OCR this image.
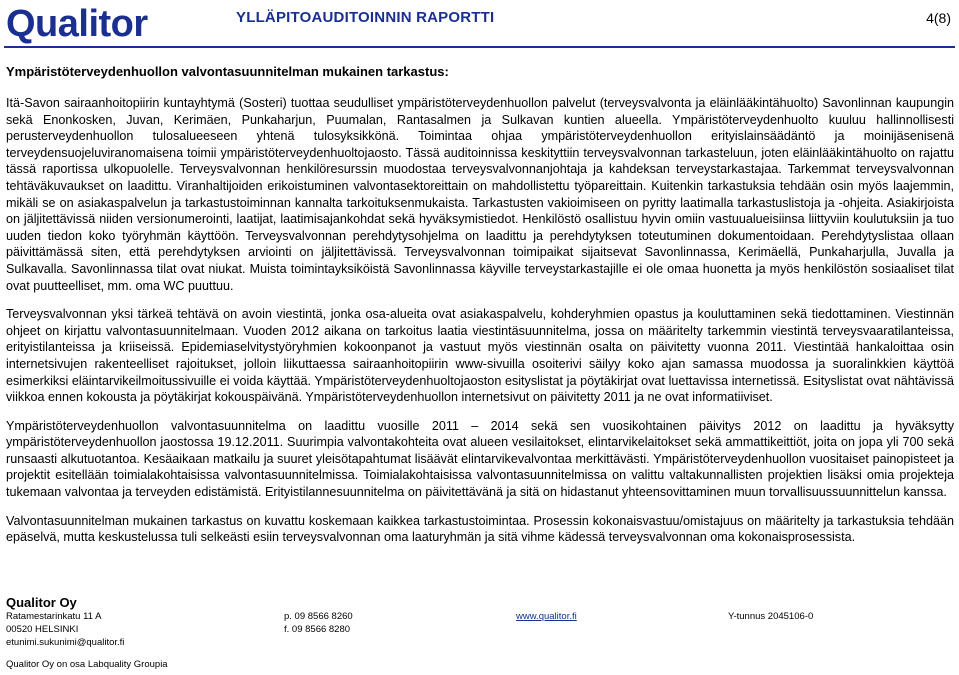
Qualitor	YLLÄPITOAUDITOINNIN RAPORTTI	4(8)
Ympäristöterveydenhuollon valvontasuunnitelman mukainen tarkastus:

Itä-Savon sairaanhoitopiirin kuntayhtymä (Sosteri) tuottaa seudulliset ympäristöterveydenhuollon palvelut (terveysvalvonta ja eläinlääkintähuolto) Savonlinnan kaupungin sekä Enonkosken, Juvan, Kerimäen, Punkaharjun, Puumalan, Rantasalmen ja Sulkavan kuntien alueella. Ympäristöterveydenhuolto kuuluu hallinnollisesti perusterveydenhuollon tulosalueeseen yhtenä tulosyksikkönä. Toimintaa ohjaa ympäristöterveydenhuollon erityislainsäädäntö ja moinijäsenisenä terveydensuojeluviranomaisena toimii ympäristöterveydenhuoltojaosto. Tässä auditoinnissa keskityttiin terveysvalvonnan tarkasteluun, joten eläinlääkintähuolto on rajattu tässä raportissa ulkopuolelle. Terveysvalvonnan henkilöresurssin muodostaa terveysvalvonnanjohtaja ja kahdeksan terveystarkastajaa. Tarkemmat terveysvalvonnan tehtäväkuvaukset on laadittu. Viranhaltijoiden erikoistuminen valvontasektoreittain on mahdollistettu työpareittain. Kuitenkin tarkastuksia tehdään osin myös laajemmin, mikäli se on asiakaspalvelun ja tarkastustoiminnan kannalta tarkoituksenmukaista. Tarkastusten vakioimiseen on pyritty laatimalla tarkastuslistoja ja -ohjeita. Asiakirjoista on jäljitettävissä niiden versionumerointi, laatijat, laatimisajankohdat sekä hyväksymistiedot. Henkilöstö osallistuu hyvin omiin vastuualueisiinsa liittyviin koulutuksiin ja tuo uuden tiedon koko työryhmän käyttöön. Terveysvalvonnan perehdytysohjelma on laadittu ja perehdytyksen toteutuminen dokumentoidaan. Perehdytyslistaa ollaan päivittämässä siten, että perehdytyksen arviointi on jäljitettävissä. Terveysvalvonnan toimipaikat sijaitsevat Savonlinnassa, Kerimäellä, Punkaharjulla, Juvalla ja Sulkavalla. Savonlinnassa tilat ovat niukat. Muista toimintayksiköistä Savonlinnassa käyville terveystarkastajille ei ole omaa huonetta ja myös henkilöstön sosiaaliset tilat ovat puutteelliset, mm. oma WC puuttuu.

Terveysvalvonnan yksi tärkeä tehtävä on avoin viestintä, jonka osa-alueita ovat asiakaspalvelu, kohderyhmien opastus ja kouluttaminen sekä tiedottaminen. Viestinnän ohjeet on kirjattu valvontasuunnitelmaan. Vuoden 2012 aikana on tarkoitus laatia viestintäsuunnitelma, jossa on määritelty tarkemmin viestintä terveysvaaratilanteissa, erityistilanteissa ja kriiseissä. Epidemiaselvitystyöryhmien kokoonpanot ja vastuut myös viestinnän osalta on päivitetty vuonna 2011. Viestintää hankaloittaa osin internetsivujen rakenteelliset rajoitukset, jolloin liikuttaessa sairaanhoitopiirin www-sivuilla osoiterivi säilyy koko ajan samassa muodossa ja suoralinkkien käyttöä esimerkiksi eläintarvikeilmoitussivuille ei voida käyttää. Ympäristöterveydenhuoltojaoston esityslistat ja pöytäkirjat ovat luettavissa internetissä. Esityslistat ovat nähtävissä viikkoa ennen kokousta ja pöytäkirjat kokouspäivänä. Ympäristöterveydenhuollon internetsivut on päivitetty 2011 ja ne ovat informatiiviset.

Ympäristöterveydenhuollon valvontasuunnitelma on laadittu vuosille 2011 – 2014 sekä sen vuosikohtainen päivitys 2012 on laadittu ja hyväksytty ympäristöterveydenhuollon jaostossa 19.12.2011. Suurimpia valvontakohteita ovat alueen vesilaitokset, elintarvikelaitokset sekä ammattikeittiöt, joita on jopa yli 700 sekä runsaasti alkutuotantoa. Kesäaikaan matkailu ja suuret yleisötapahtumat lisäävät elintarvikevalvontaa merkittävästi. Ympäristöterveydenhuollon vuositaiset painopisteet ja projektit esitellään toimialakohtaisissa valvontasuunnitelmissa. Toimialakohtaisissa valvontasuunnitelmissa on valittu valtakunnallisten projektien lisäksi omia projekteja tukemaan valvontaa ja terveyden edistämistä. Erityistilannesuunnitelma on päivitettävänä ja sitä on hidastanut yhteensovittaminen muun torvallisuussuunnittelun kanssa.

Valvontasuunnitelman mukainen tarkastus on kuvattu koskemaan kaikkea tarkastustoimintaa. Prosessin kokonaisvastuu/omistajuus on määritelty ja tarkastuksia tehdään epäselvä, mutta keskustelussa tuli selkeästi esiin terveysvalvonnan oma laaturyhmän ja sitä vihme kädessä terveysvalvonnan oma kokonaisprosessista.

Qualitor Oy
Ratamestarinkatu 11 A
00520 HELSINKI
etunimi.sukunimi@qualitor.fi
p. 09 8566 8260
f. 09 8566 8280
www.qualitor.fi	Y-tunnus 2045106-0
Qualitor Oy on osa Labquality Groupia
